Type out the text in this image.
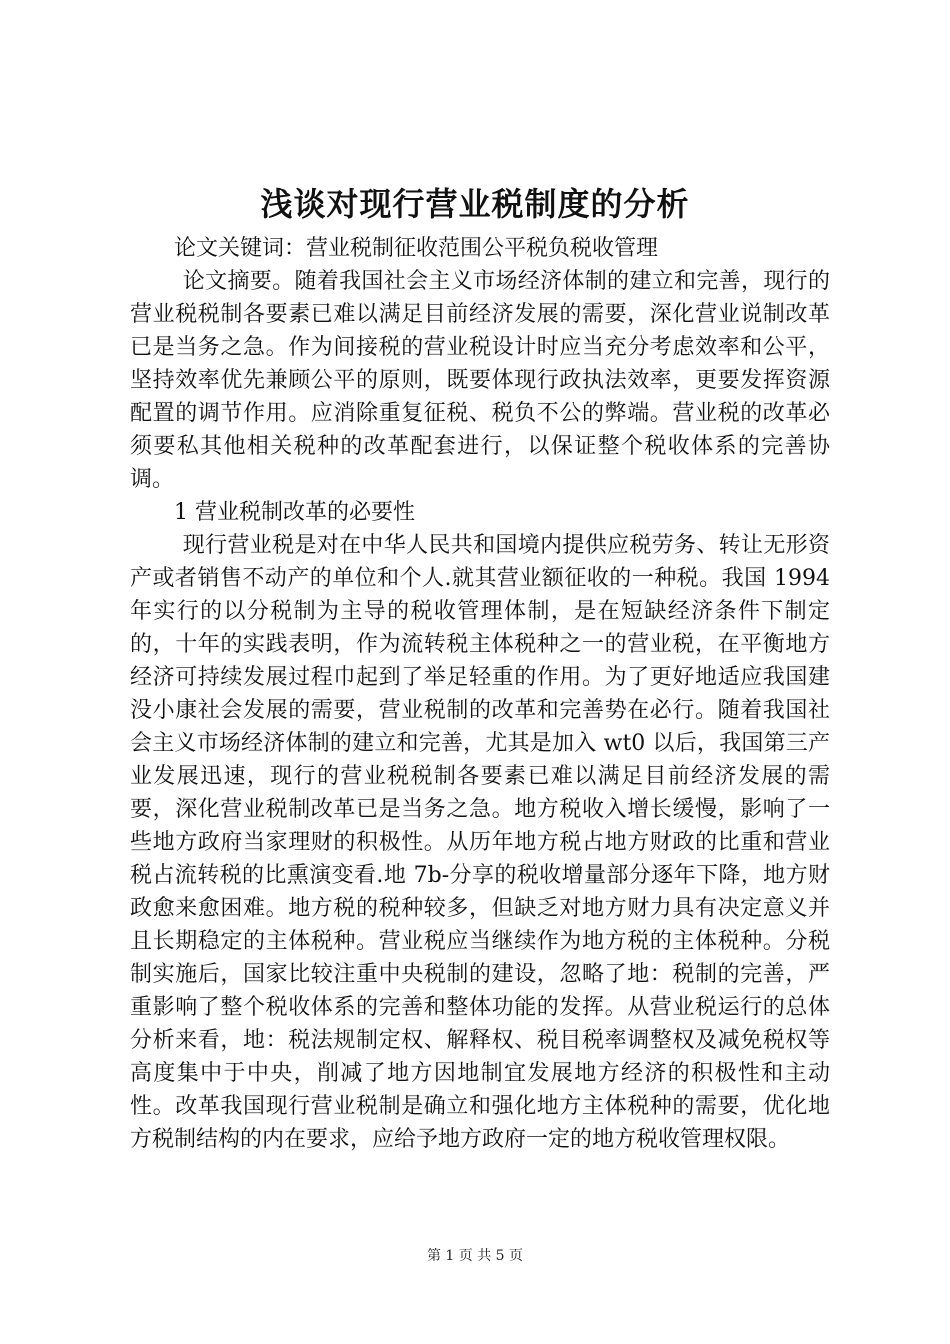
浅谈对现行营业税制度的分析

论文关键词：营业税制征收范围公平税负税收管理

论文摘要。随着我国社会主义市场经济体制的建立和完善，现行的营业税税制各要素已难以满足目前经济发展的需要，深化营业说制改革已是当务之急。作为间接税的营业税设计时应当充分考虑效率和公平，坚持效率优先兼顾公平的原则，既要体现行政执法效率，更要发挥资源配置的调节作用。应消除重复征税、税负不公的弊端。营业税的改革必须要私其他相关税种的改革配套进行，以保证整个税收体系的完善协调。

1 营业税制改革的必要性

现行营业税是对在中华人民共和国境内提供应税劳务、转让无形资产或者销售不动产的单位和个人.就其营业额征收的一种税。我国 1994 年实行的以分税制为主导的税收管理体制，是在短缺经济条件下制定的，十年的实践表明，作为流转税主体税种之一的营业税，在平衡地方经济可持续发展过程巾起到了举足轻重的作用。为了更好地适应我国建没小康社会发展的需要，营业税制的改革和完善势在必行。随着我国社会主义市场经济体制的建立和完善，尤其是加入 wt0 以后，我国第三产业发展迅速，现行的营业税税制各要素已难以满足目前经济发展的需要，深化营业税制改革已是当务之急。地方税收入增长缓慢，影响了一些地方政府当家理财的积极性。从历年地方税占地方财政的比重和营业税占流转税的比熏演变看.地 7b-分享的税收增量部分逐年下降，地方财政愈来愈困难。地方税的税种较多，但缺乏对地方财力具有决定意义并且长期稳定的主体税种。营业税应当继续作为地方税的主体税种。分税制实施后，国家比较注重中央税制的建设，忽略了地：税制的完善，严重影响了整个税收体系的完善和整体功能的发挥。从营业税运行的总体分析来看，地：税法规制定权、解释权、税目税率调整权及减免税权等高度集中于中央，削减了地方因地制宜发展地方经济的积极性和主动性。改革我国现行营业税制是确立和强化地方主体税种的需要，优化地方税制结构的内在要求，应给予地方政府一定的地方税收管理权限。

第 1 页 共 5 页
